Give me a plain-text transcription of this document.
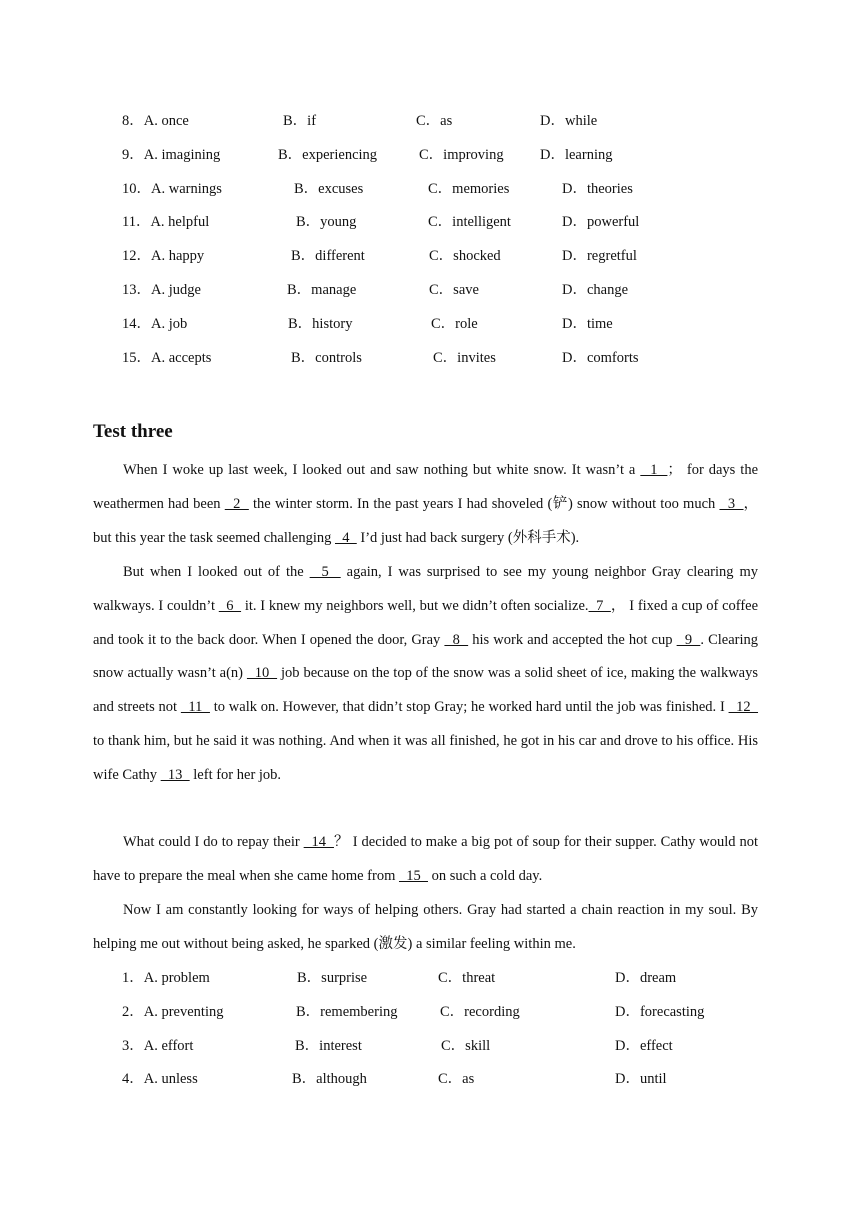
8．A. once	B．if	C．as	D．while
9．A. imagining	B．experiencing	C．improving	D．learning
10．A. warnings	B．excuses	C．memories	D．theories
11．A. helpful	B．young	C．intelligent	D．powerful
12．A. happy	B．different	C．shocked	D．regretful
13．A. judge	B．manage	C．save	D．change
14．A. job	B．history	C．role	D．time
15．A. accepts	B．controls	C．invites	D．comforts
Test three

When I woke up last week, I looked out and saw nothing but white snow. It wasn’t a   1  ； for days the weathermen had been   2   the winter storm. In the past years I had shoveled (铲) snow without too much   3  ， but this year the task seemed challenging   4   I’d just had back surgery (外科手术).

But when I looked out of the   5   again, I was surprised to see my young neighbor Gray clearing my walkways. I couldn’t   6   it. I knew my neighbors well, but we didn’t often socialize.  7  ， I fixed a cup of coffee and took it to the back door. When I opened the door, Gray   8   his work and accepted the hot cup   9  . Clearing snow actually wasn’t a(n)   10   job because on the top of the snow was a solid sheet of ice, making the walkways and streets not   11   to walk on. However, that didn’t stop Gray; he worked hard until the job was finished. I   12   to thank him, but he said it was nothing. And when it was all finished, he got in his car and drove to his office. His wife Cathy   13   left for her job.

What could I do to repay their   14  ？ I decided to make a big pot of soup for their supper. Cathy would not have to prepare the meal when she came home from   15   on such a cold day.

Now I am constantly looking for ways of helping others. Gray had started a chain reaction in my soul. By helping me out without being asked, he sparked (激发) a similar feeling within me.

1．A. problem	B．surprise	C．threat	D．dream
2．A. preventing	B．remembering	C．recording	D．forecasting
3．A. effort	B．interest	C．skill	D．effect
4．A. unless	B．although	C．as	D．until
